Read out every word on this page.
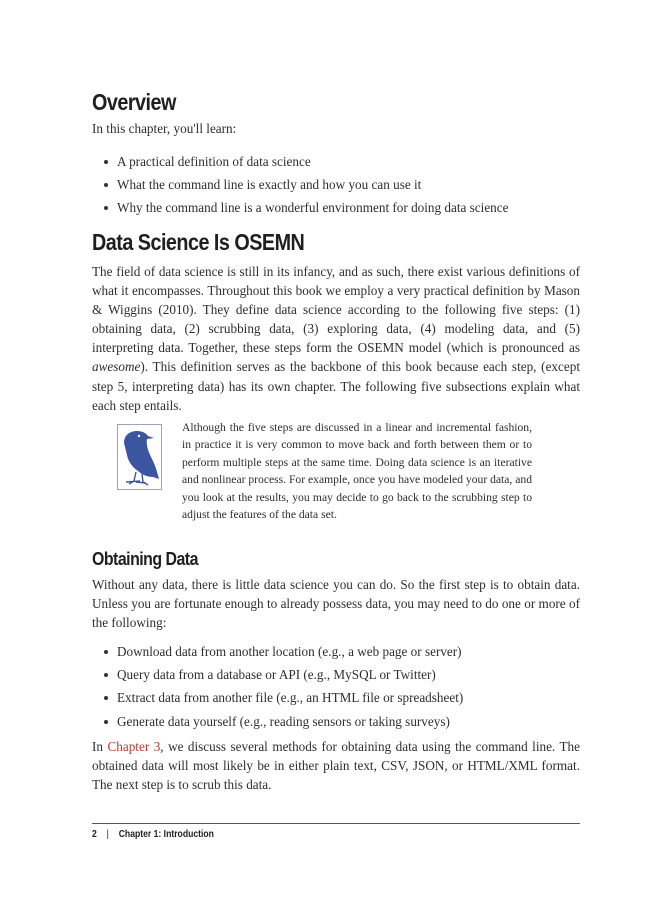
Overview

In this chapter, you'll learn:

A practical definition of data science
What the command line is exactly and how you can use it
Why the command line is a wonderful environment for doing data science
Data Science Is OSEMN

The field of data science is still in its infancy, and as such, there exist various definitions of what it encompasses. Throughout this book we employ a very practical definition by Mason & Wiggins (2010). They define data science according to the following five steps: (1) obtaining data, (2) scrubbing data, (3) exploring data, (4) modeling data, and (5) interpreting data. Together, these steps form the OSEMN model (which is pronounced as awesome). This definition serves as the backbone of this book because each step, (except step 5, interpreting data) has its own chapter. The following five subsections explain what each step entails.

Although the five steps are discussed in a linear and incremental fashion, in practice it is very common to move back and forth between them or to perform multiple steps at the same time. Doing data science is an iterative and nonlinear process. For example, once you have modeled your data, and you look at the results, you may decide to go back to the scrubbing step to adjust the features of the data set.

Obtaining Data

Without any data, there is little data science you can do. So the first step is to obtain data. Unless you are fortunate enough to already possess data, you may need to do one or more of the following:

Download data from another location (e.g., a web page or server)
Query data from a database or API (e.g., MySQL or Twitter)
Extract data from another file (e.g., an HTML file or spreadsheet)
Generate data yourself (e.g., reading sensors or taking surveys)

In Chapter 3, we discuss several methods for obtaining data using the command line. The obtained data will most likely be in either plain text, CSV, JSON, or HTML/XML format. The next step is to scrub this data.

2 | Chapter 1: Introduction
